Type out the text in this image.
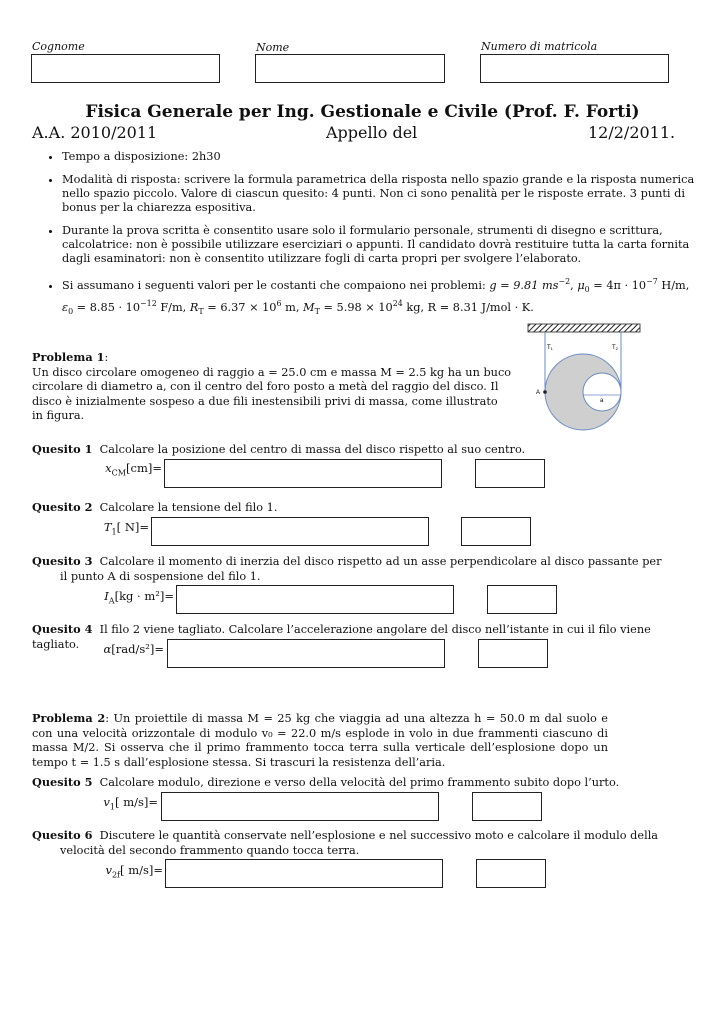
Cognome	Nome	Numero di matricola
Fisica Generale per Ing. Gestionale e Civile (Prof. F. Forti)
A.A. 2010/2011	Appello del	12/2/2011.
• Tempo a disposizione: 2h30
• Modalità di risposta: scrivere la formula parametrica della risposta nello spazio grande e la risposta numerica nello spazio piccolo. Valore di ciascun quesito: 4 punti. Non ci sono penalità per le risposte errate. 3 punti di bonus per la chiarezza espositiva.
• Durante la prova scritta è consentito usare solo il formulario personale, strumenti di disegno e scrittura, calcolatrice: non è possibile utilizzare eserciziari o appunti. Il candidato dovrà restituire tutta la carta fornita dagli esaminatori: non è consentito utilizzare fogli di carta propri per svolgere l’elaborato.
• Si assumano i seguenti valori per le costanti che compaiono nei problemi: g = 9.81 $ms^{-2}$, $\mu_0 = 4\pi \cdot 10^{-7}$ H/m, $\varepsilon_0 = 8.85 \cdot 10^{-12}$ F/m, $R_T = 6.37 \times 10^6$ m, $M_T = 5.98 \times 10^{24}$ kg, R = 8.31 J/mol · K.
T1	T2
A
a
Problema 1:
Un disco circolare omogeneo di raggio a = 25.0 cm e massa M = 2.5 kg ha un buco circolare di diametro a, con il centro del foro posto a metà del raggio del disco. Il disco è inizialmente sospeso a due fili inestensibili privi di massa, come illustrato in figura.
Quesito 1 Calcolare la posizione del centro di massa del disco rispetto al suo centro.
$x_{CM}[cm]=$
Quesito 2 Calcolare la tensione del filo 1.
$T_1$[ N]=
Quesito 3 Calcolare il momento di inerzia del disco rispetto ad un asse perpendicolare al disco passante per il punto A di sospensione del filo 1.
$I_A[kg \cdot m^2]=$
Quesito 4 Il filo 2 viene tagliato. Calcolare l’accelerazione angolare del disco nell’istante in cui il filo viene tagliato.	α[rad/s²]=
Problema 2: Un proiettile di massa M = 25 kg che viaggia ad una altezza h = 50.0 m dal suolo e con una velocità orizzontale di modulo v₀ = 22.0 m/s esplode in volo in due frammenti ciascuno di massa M/2. Si osserva che il primo frammento tocca terra sulla verticale dell’esplosione dopo un tempo t = 1.5 s dall’esplosione stessa. Si trascuri la resistenza dell’aria.
Quesito 5 Calcolare modulo, direzione e verso della velocità del primo frammento subito dopo l’urto.
$v_1$[ m/s]=
Quesito 6 Discutere le quantità conservate nell’esplosione e nel successivo moto e calcolare il modulo della velocità del secondo frammento quando tocca terra.
$v_{2f}$[ m/s]=
